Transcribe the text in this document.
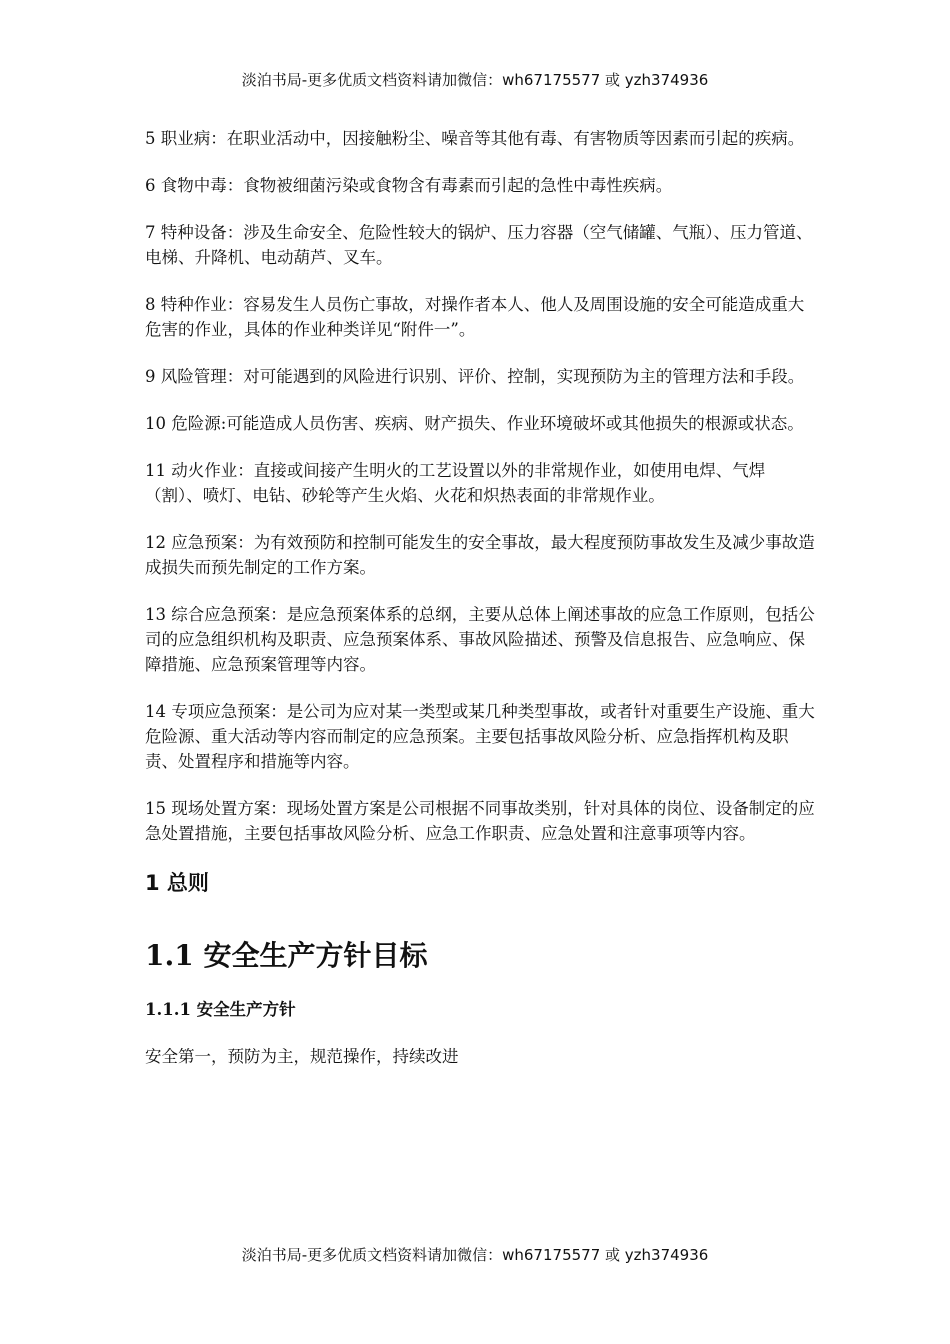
淡泊书局-更多优质文档资料请加微信：wh67175577 或 yzh374936

5 职业病：在职业活动中，因接触粉尘、噪音等其他有毒、有害物质等因素而引起的疾病。

6 食物中毒：食物被细菌污染或食物含有毒素而引起的急性中毒性疾病。

7 特种设备：涉及生命安全、危险性较大的锅炉、压力容器（空气储罐、气瓶）、压力管道、电梯、升降机、电动葫芦、叉车。

8 特种作业：容易发生人员伤亡事故，对操作者本人、他人及周围设施的安全可能造成重大危害的作业，具体的作业种类详见“附件一”。

9 风险管理：对可能遇到的风险进行识别、评价、控制，实现预防为主的管理方法和手段。

10 危险源:可能造成人员伤害、疾病、财产损失、作业环境破坏或其他损失的根源或状态。

11 动火作业：直接或间接产生明火的工艺设置以外的非常规作业，如使用电焊、气焊（割）、喷灯、电钻、砂轮等产生火焰、火花和炽热表面的非常规作业。

12 应急预案：为有效预防和控制可能发生的安全事故，最大程度预防事故发生及减少事故造成损失而预先制定的工作方案。

13 综合应急预案：是应急预案体系的总纲，主要从总体上阐述事故的应急工作原则，包括公司的应急组织机构及职责、应急预案体系、事故风险描述、预警及信息报告、应急响应、保障措施、应急预案管理等内容。

14 专项应急预案：是公司为应对某一类型或某几种类型事故，或者针对重要生产设施、重大危险源、重大活动等内容而制定的应急预案。主要包括事故风险分析、应急指挥机构及职责、处置程序和措施等内容。

15 现场处置方案：现场处置方案是公司根据不同事故类别，针对具体的岗位、设备制定的应急处置措施，主要包括事故风险分析、应急工作职责、应急处置和注意事项等内容。

1 总则
1.1 安全生产方针目标
1.1.1 安全生产方针
安全第一，预防为主，规范操作，持续改进
淡泊书局-更多优质文档资料请加微信：wh67175577 或 yzh374936
